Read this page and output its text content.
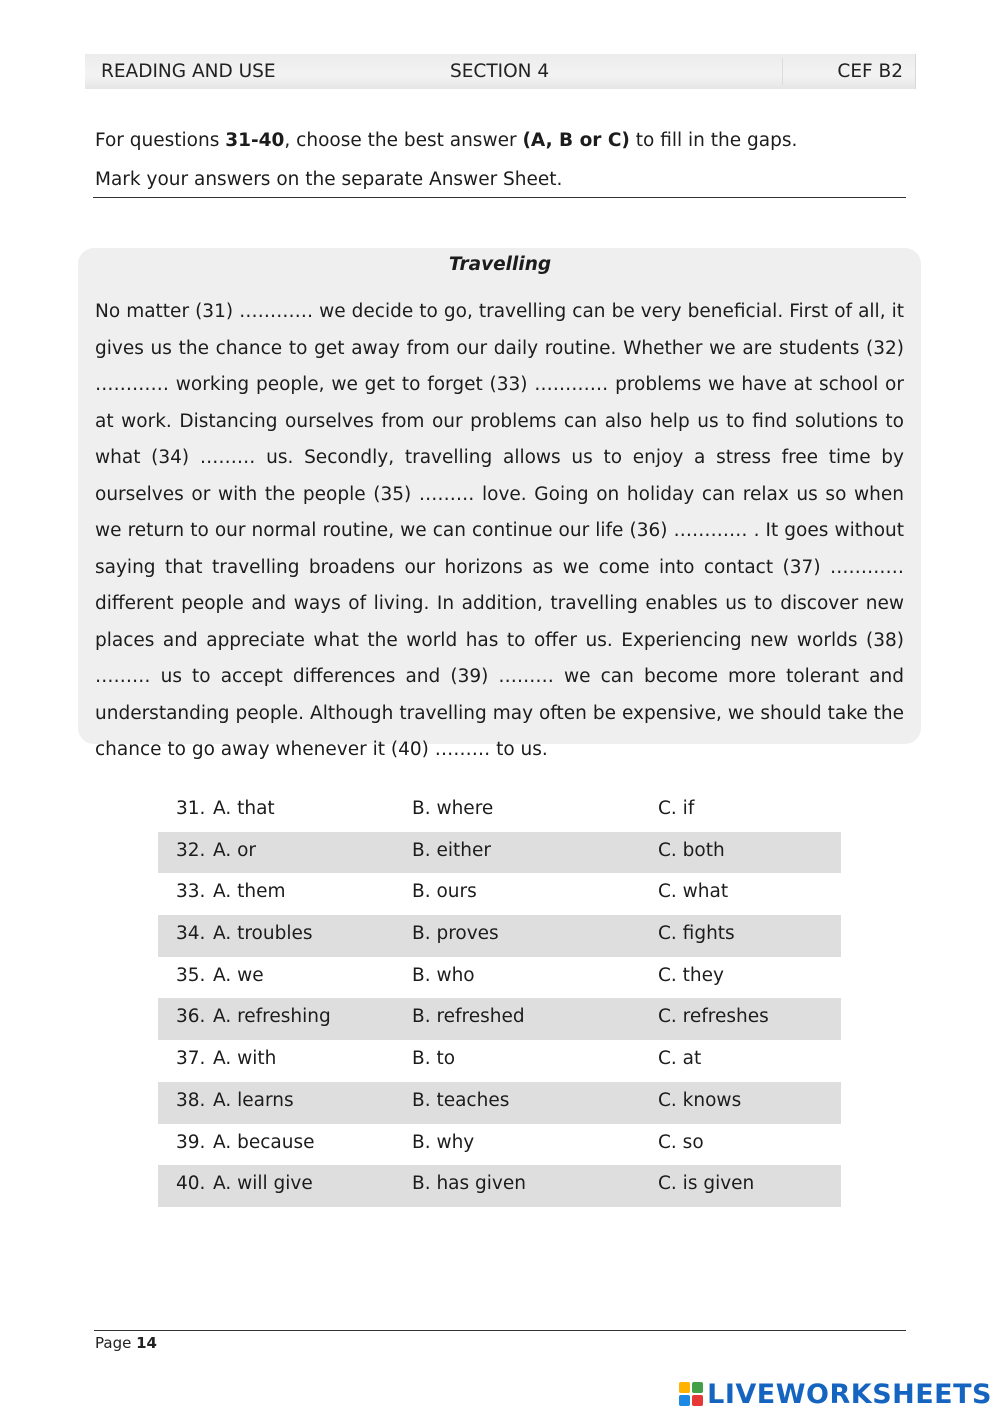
READING AND USE	SECTION 4	CEF B2
For questions 31-40, choose the best answer (A, B or C) to fill in the gaps.
Mark your answers on the separate Answer Sheet.
Travelling

No matter (31) ………… we decide to go, travelling can be very beneficial. First of all, it gives us the chance to get away from our daily routine. Whether we are students (32) ………… working people, we get to forget (33) ………… problems we have at school or at work. Distancing ourselves from our problems can also help us to find solutions to what (34) ……… us. Secondly, travelling allows us to enjoy a stress free time by ourselves or with the people (35) ……… love. Going on holiday can relax us so when we return to our normal routine, we can continue our life (36) ………… . It goes without saying that travelling broadens our horizons as we come into contact (37) ………… different people and ways of living. In addition, travelling enables us to discover new places and appreciate what the world has to offer us. Experiencing new worlds (38) ……… us to accept differences and (39) ……… we can become more tolerant and understanding people. Although travelling may often be expensive, we should take the chance to go away whenever it (40) ……… to us.

31. A. that	B. where	C. if
32. A. or	B. either	C. both
33. A. them	B. ours	C. what
34. A. troubles	B. proves	C. fights
35. A. we	B. who	C. they
36. A. refreshing	B. refreshed	C. refreshes
37. A. with	B. to	C. at
38. A. learns	B. teaches	C. knows
39. A. because	B. why	C. so
40. A. will give	B. has given	C. is given
Page 14
LIVEWORKSHEETS
